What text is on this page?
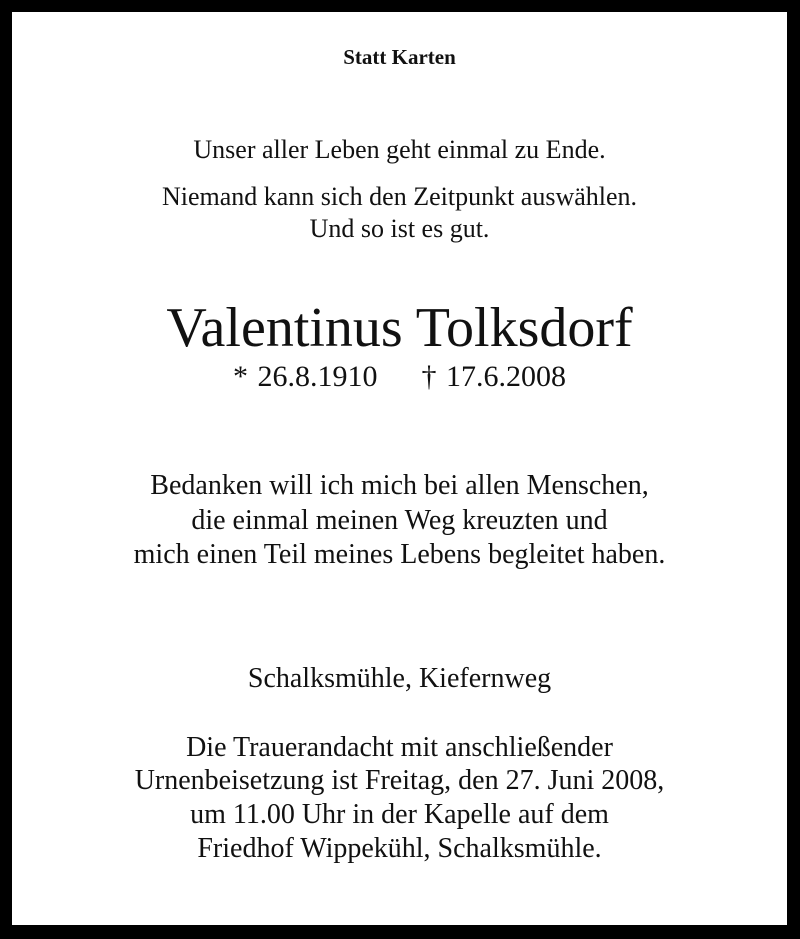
Statt Karten
Unser aller Leben geht einmal zu Ende.
Niemand kann sich den Zeitpunkt auswählen.
Und so ist es gut.
Valentinus Tolksdorf
* 26.8.1910 † 17.6.2008
Bedanken will ich mich bei allen Menschen,
die einmal meinen Weg kreuzten und
mich einen Teil meines Lebens begleitet haben.
Schalksmühle, Kiefernweg
Die Trauerandacht mit anschließender
Urnenbeisetzung ist Freitag, den 27. Juni 2008,
um 11.00 Uhr in der Kapelle auf dem
Friedhof Wippekühl, Schalksmühle.
